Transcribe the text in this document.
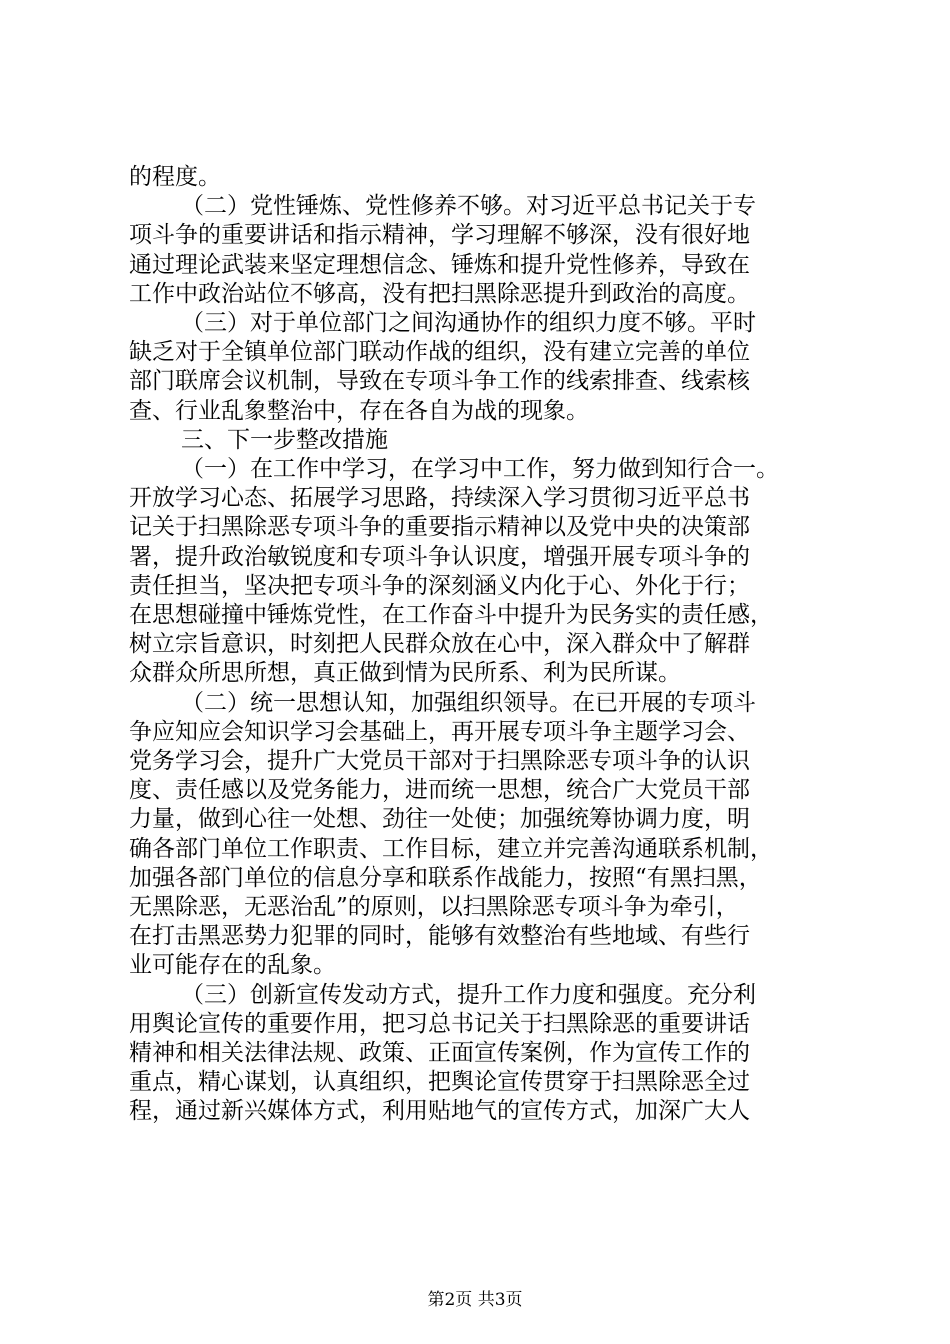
的程度。
（二）党性锤炼、党性修养不够。对习近平总书记关于专
项斗争的重要讲话和指示精神，学习理解不够深，没有很好地
通过理论武装来坚定理想信念、锤炼和提升党性修养，导致在
工作中政治站位不够高，没有把扫黑除恶提升到政治的高度。
（三）对于单位部门之间沟通协作的组织力度不够。平时
缺乏对于全镇单位部门联动作战的组织，没有建立完善的单位
部门联席会议机制，导致在专项斗争工作的线索排查、线索核
查、行业乱象整治中，存在各自为战的现象。
三、下一步整改措施
（一）在工作中学习，在学习中工作，努力做到知行合一。
开放学习心态、拓展学习思路，持续深入学习贯彻习近平总书
记关于扫黑除恶专项斗争的重要指示精神以及党中央的决策部
署，提升政治敏锐度和专项斗争认识度，增强开展专项斗争的
责任担当，坚决把专项斗争的深刻涵义内化于心、外化于行；
在思想碰撞中锤炼党性，在工作奋斗中提升为民务实的责任感，
树立宗旨意识，时刻把人民群众放在心中，深入群众中了解群
众群众所思所想，真正做到情为民所系、利为民所谋。
（二）统一思想认知，加强组织领导。在已开展的专项斗
争应知应会知识学习会基础上，再开展专项斗争主题学习会、
党务学习会，提升广大党员干部对于扫黑除恶专项斗争的认识
度、责任感以及党务能力，进而统一思想，统合广大党员干部
力量，做到心往一处想、劲往一处使；加强统筹协调力度，明
确各部门单位工作职责、工作目标，建立并完善沟通联系机制，
加强各部门单位的信息分享和联系作战能力，按照“有黑扫黑，
无黑除恶，无恶治乱”的原则，以扫黑除恶专项斗争为牵引，
在打击黑恶势力犯罪的同时，能够有效整治有些地域、有些行
业可能存在的乱象。
（三）创新宣传发动方式，提升工作力度和强度。充分利
用舆论宣传的重要作用，把习总书记关于扫黑除恶的重要讲话
精神和相关法律法规、政策、正面宣传案例，作为宣传工作的
重点，精心谋划，认真组织，把舆论宣传贯穿于扫黑除恶全过
程，通过新兴媒体方式，利用贴地气的宣传方式，加深广大人
第2页 共3页
